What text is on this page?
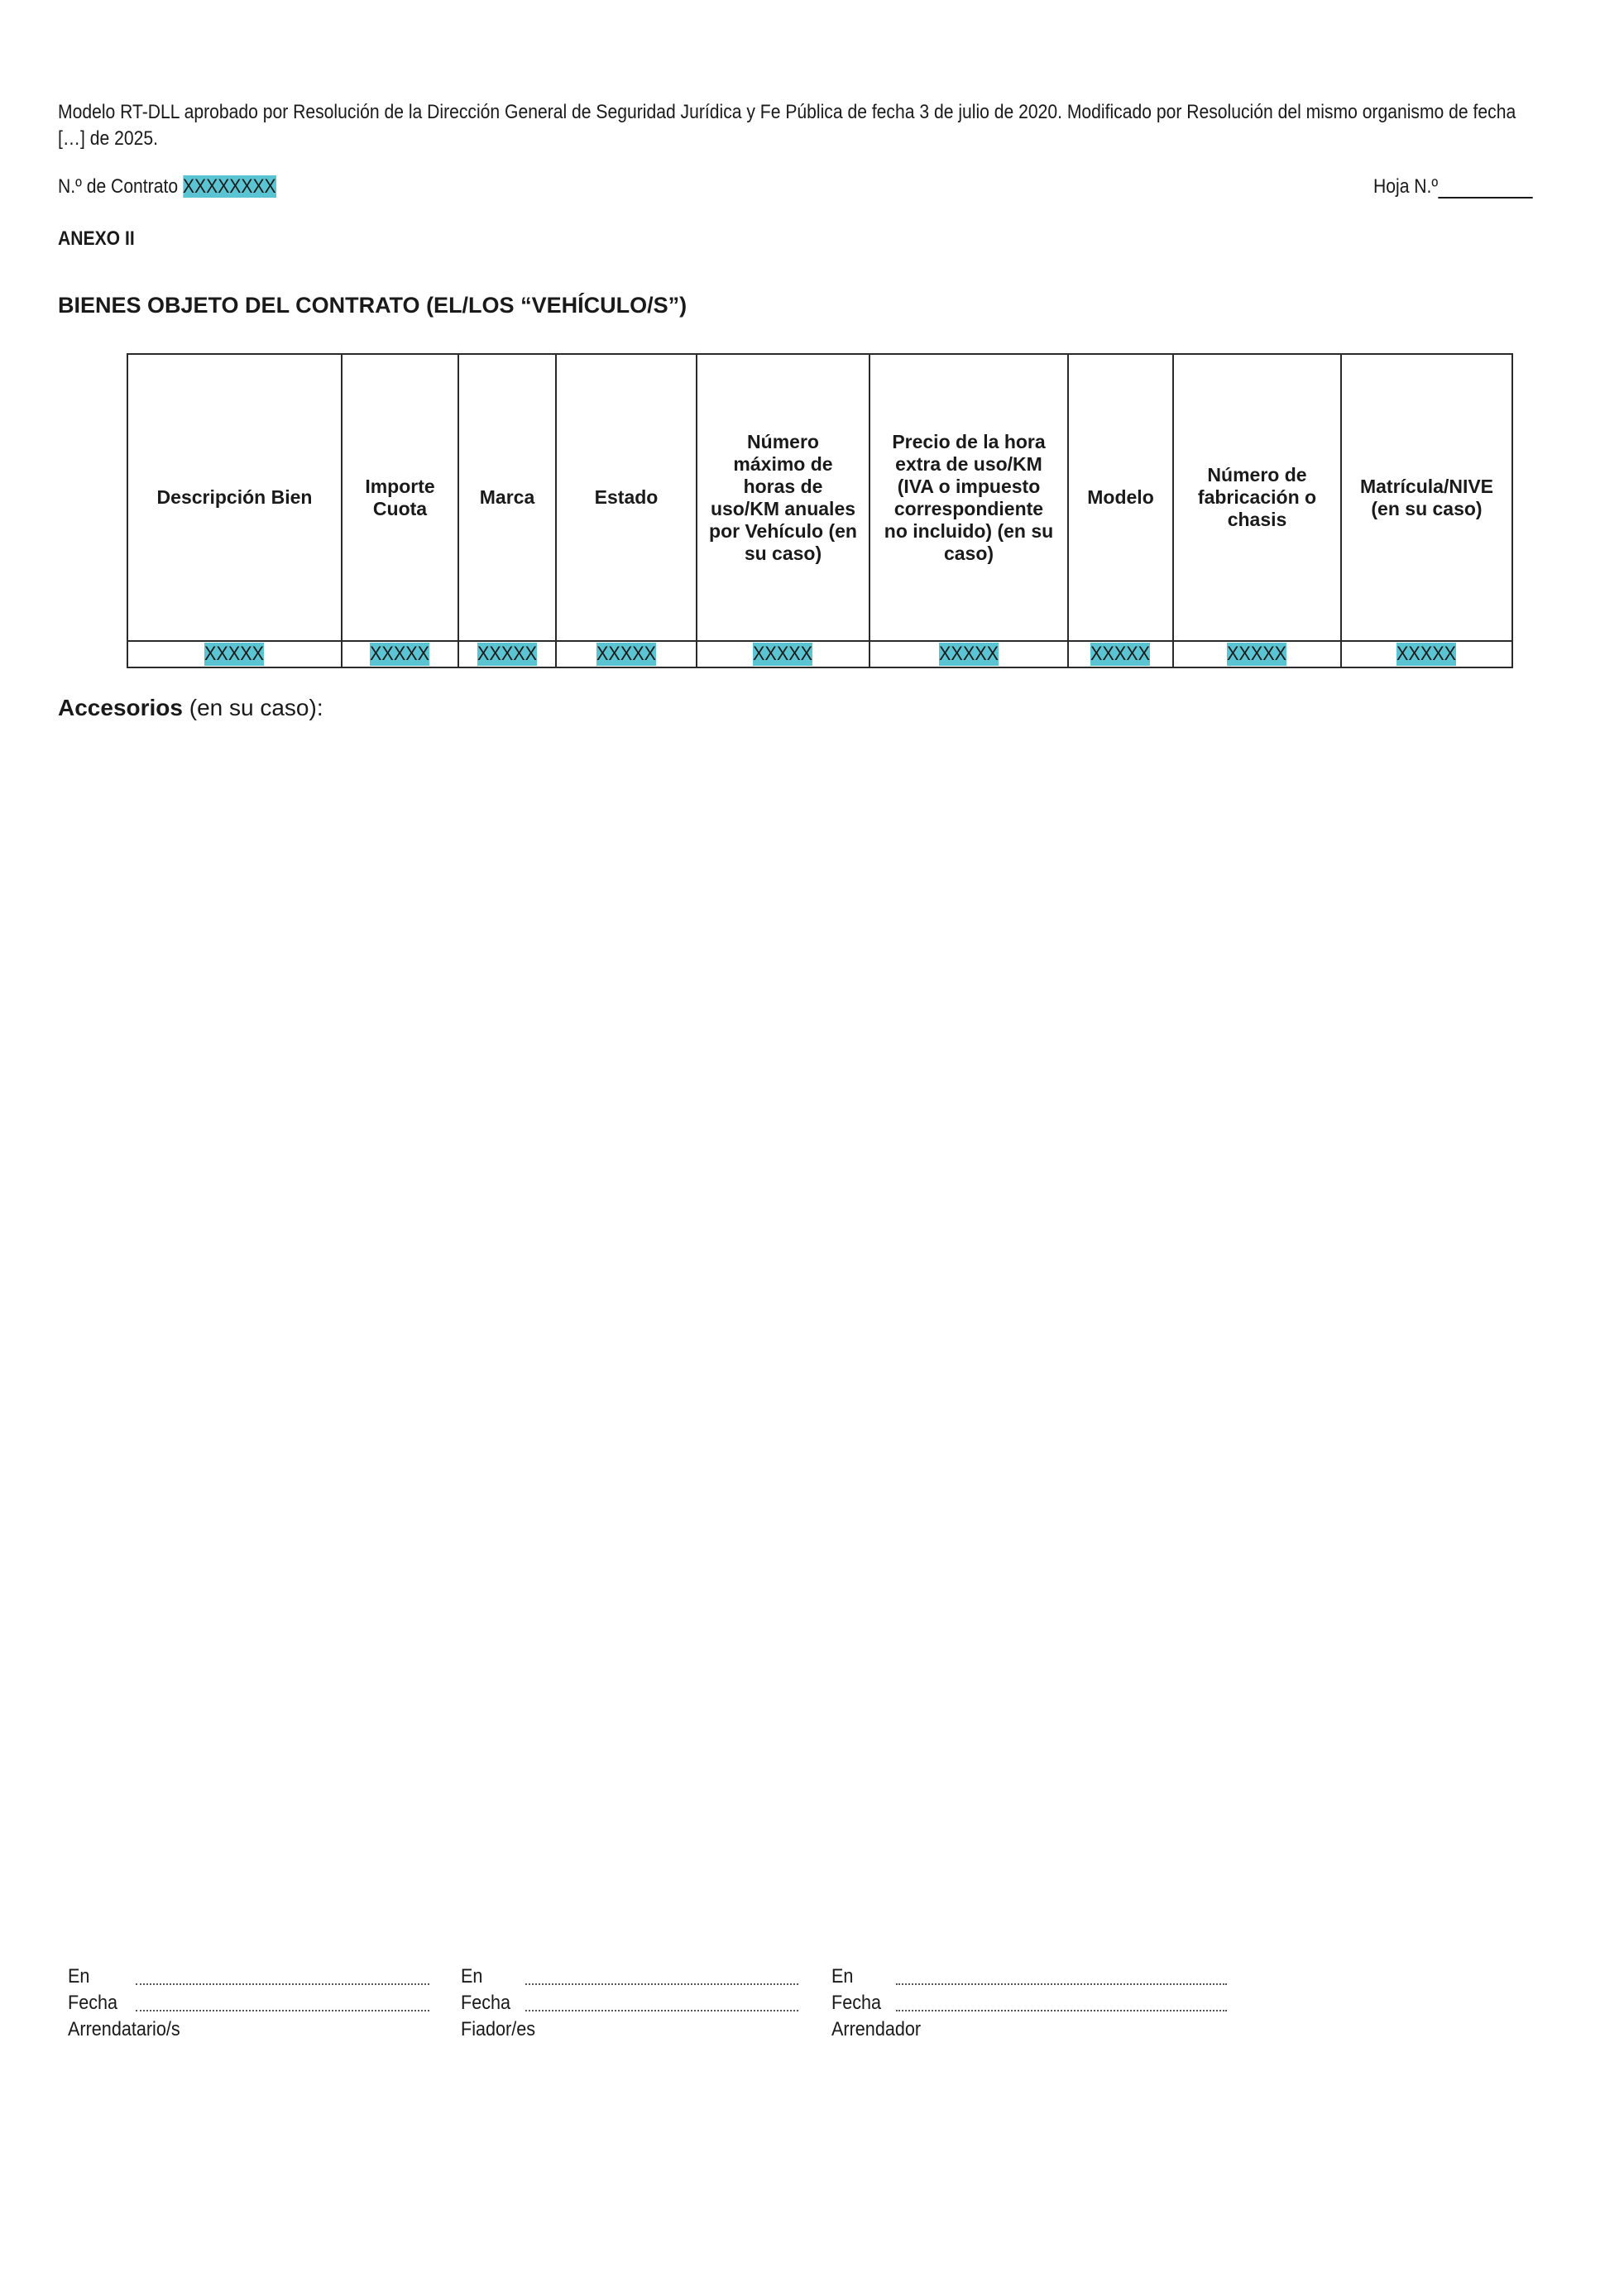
Modelo RT-DLL aprobado por Resolución de la Dirección General de Seguridad Jurídica y Fe Pública de fecha 3 de julio de 2020. Modificado por Resolución del mismo organismo de fecha
[…] de 2025.
N.º de Contrato XXXXXXXX	Hoja N.º
ANEXO II
BIENES OBJETO DEL CONTRATO (EL/LOS “VEHÍCULO/S”)
Descripción Bien	Importe Cuota	Marca	Estado	Número máximo de horas de uso/KM anuales por Vehículo (en su caso)	Precio de la hora extra de uso/KM (IVA o impuesto correspondiente no incluido) (en su caso)	Modelo	Número de fabricación o chasis	Matrícula/NIVE (en su caso)
XXXXX	XXXXX	XXXXX	XXXXX	XXXXX	XXXXX	XXXXX	XXXXX	XXXXX
Accesorios (en su caso):
En
Fecha
Arrendatario/s
En
Fecha
Fiador/es
En
Fecha
Arrendador
